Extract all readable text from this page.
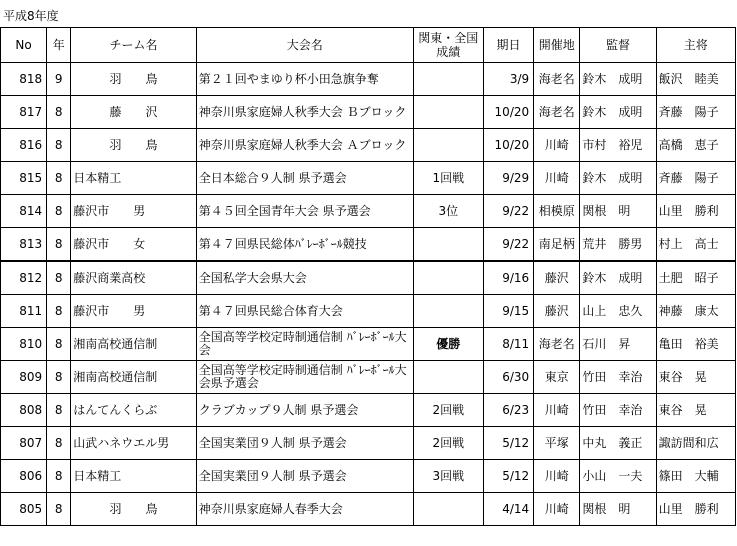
平成8年度
No	年	チーム名	大会名	関東・全国成績	期日	開催地	監督	主将
818	9	羽　　鳥	第２１回やまゆり杯小田急旗争奪		3/9	海老名	鈴木　成明	飯沢　睦美
817	8	藤　　沢	神奈川県家庭婦人秋季大会 Ｂブロック		10/20	海老名	鈴木　成明	斉藤　陽子
816	8	羽　　鳥	神奈川県家庭婦人秋季大会 Ａブロック		10/20	川崎	市村　裕児	高橋　恵子
815	8	日本精工	全日本総合９人制 県予選会	1回戦	9/29	川崎	鈴木　成明	斉藤　陽子
814	8	藤沢市　　男	第４５回全国青年大会 県予選会	3位	9/22	相模原	関根　明	山里　勝利
813	8	藤沢市　　女	第４７回県民総体ﾊﾞﾚｰﾎﾞｰﾙ競技		9/22	南足柄	荒井　勝男	村上　高士
812	8	藤沢商業高校	全国私学大会県大会		9/16	藤沢	鈴木　成明	土肥　昭子
811	8	藤沢市　　男	第４７回県民総合体育大会		9/15	藤沢	山上　忠久	神藤　康太
810	8	湘南高校通信制	全国高等学校定時制通信制 ﾊﾞﾚｰﾎﾞｰﾙ大会	優勝	8/11	海老名	石川　昇	亀田　裕美
809	8	湘南高校通信制	全国高等学校定時制通信制 ﾊﾞﾚｰﾎﾞｰﾙ大会県予選会		6/30	東京	竹田　幸治	東谷　晃
808	8	はんてんくらぶ	クラブカップ９人制 県予選会	2回戦	6/23	川崎	竹田　幸治	東谷　晃
807	8	山武ハネウエル男	全国実業団９人制 県予選会	2回戦	5/12	平塚	中丸　義正	諏訪間和広
806	8	日本精工	全国実業団９人制 県予選会	3回戦	5/12	川崎	小山　一夫	篠田　大輔
805	8	羽　　鳥	神奈川県家庭婦人春季大会		4/14	川崎	関根　明	山里　勝利
